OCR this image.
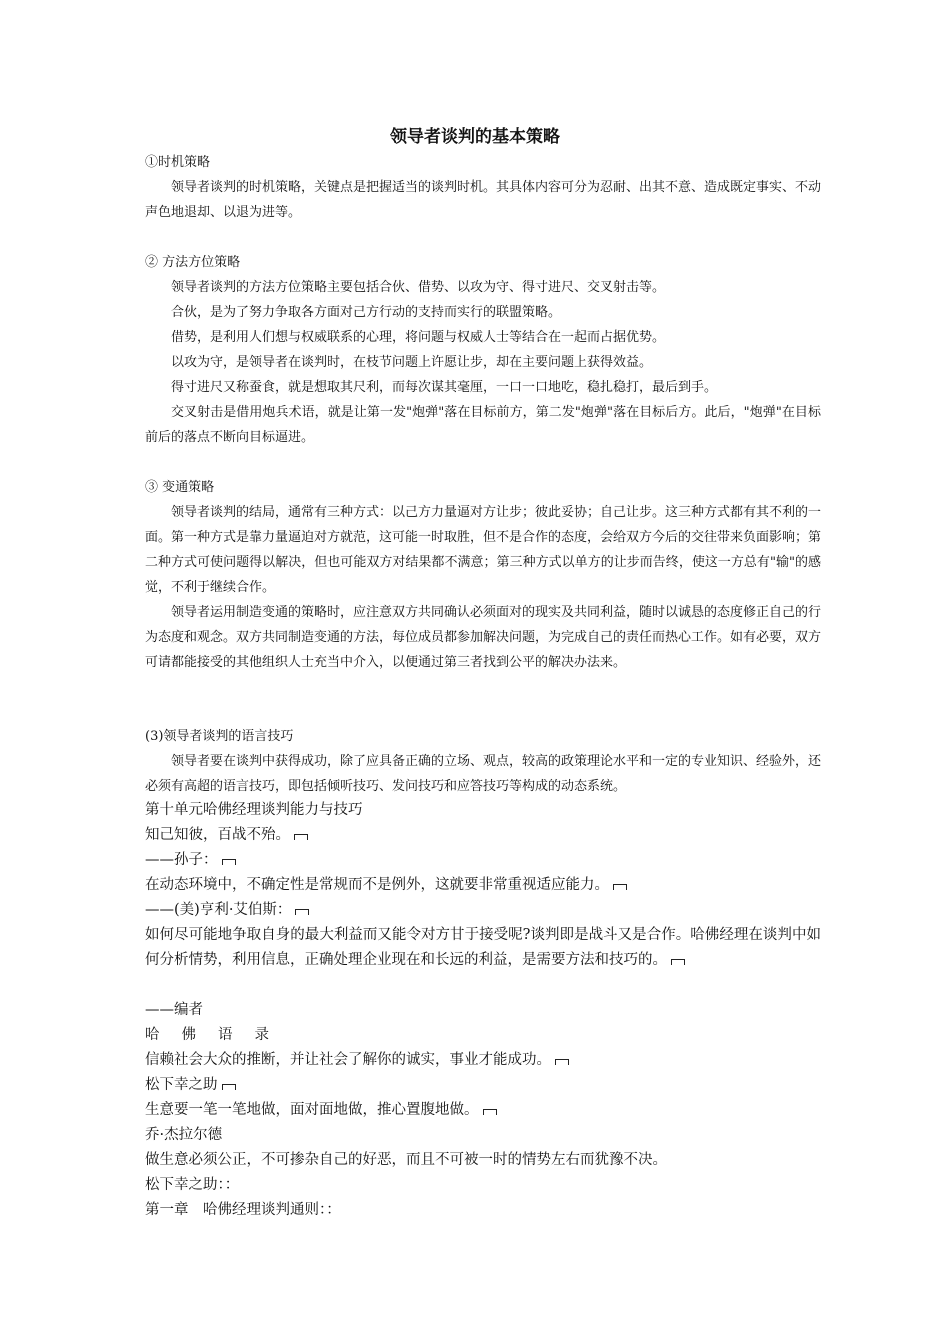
领导者谈判的基本策略
①时机策略
领导者谈判的时机策略，关键点是把握适当的谈判时机。其具体内容可分为忍耐、出其不意、造成既定事实、不动声色地退却、以退为进等。
② 方法方位策略
领导者谈判的方法方位策略主要包括合伙、借势、以攻为守、得寸进尺、交叉射击等。
合伙，是为了努力争取各方面对己方行动的支持而实行的联盟策略。
借势，是利用人们想与权威联系的心理，将问题与权威人士等结合在一起而占据优势。
以攻为守，是领导者在谈判时，在枝节问题上许愿让步，却在主要问题上获得效益。
得寸进尺又称蚕食，就是想取其尺利，而每次谋其毫厘，一口一口地吃，稳扎稳打，最后到手。
交叉射击是借用炮兵术语，就是让第一发"炮弹"落在目标前方，第二发"炮弹"落在目标后方。此后，"炮弹"在目标前后的落点不断向目标逼进。
③ 变通策略
领导者谈判的结局，通常有三种方式：以己方力量逼对方让步；彼此妥协；自己让步。这三种方式都有其不利的一面。第一种方式是靠力量逼迫对方就范，这可能一时取胜，但不是合作的态度，会给双方今后的交往带来负面影响；第二种方式可使问题得以解决，但也可能双方对结果都不满意；第三种方式以单方的让步而告终，使这一方总有"输"的感觉，不利于继续合作。
领导者运用制造变通的策略时，应注意双方共同确认必须面对的现实及共同利益，随时以诚恳的态度修正自己的行为态度和观念。双方共同制造变通的方法，每位成员都参加解决问题，为完成自己的责任而热心工作。如有必要，双方可请都能接受的其他组织人士充当中介入，以便通过第三者找到公平的解决办法来。
(3)领导者谈判的语言技巧
领导者要在谈判中获得成功，除了应具备正确的立场、观点，较高的政策理论水平和一定的专业知识、经验外，还必须有高超的语言技巧，即包括倾听技巧、发问技巧和应答技巧等构成的动态系统。
第十单元哈佛经理谈判能力与技巧
知己知彼，百战不殆。
——孙子：
在动态环境中，不确定性是常规而不是例外，这就要非常重视适应能力。
——(美)亨利·艾伯斯：
如何尽可能地争取自身的最大利益而又能令对方甘于接受呢?谈判即是战斗又是合作。哈佛经理在谈判中如何分析情势，利用信息，正确处理企业现在和长远的利益，是需要方法和技巧的。
——编者
哈 佛 语 录
信赖社会大众的推断，并让社会了解你的诚实，事业才能成功。
松下幸之助
生意要一笔一笔地做，面对面地做，推心置腹地做。
乔·杰拉尔德
做生意必须公正，不可掺杂自己的好恶，而且不可被一时的情势左右而犹豫不决。
松下幸之助：：
第一章　哈佛经理谈判通则：：
